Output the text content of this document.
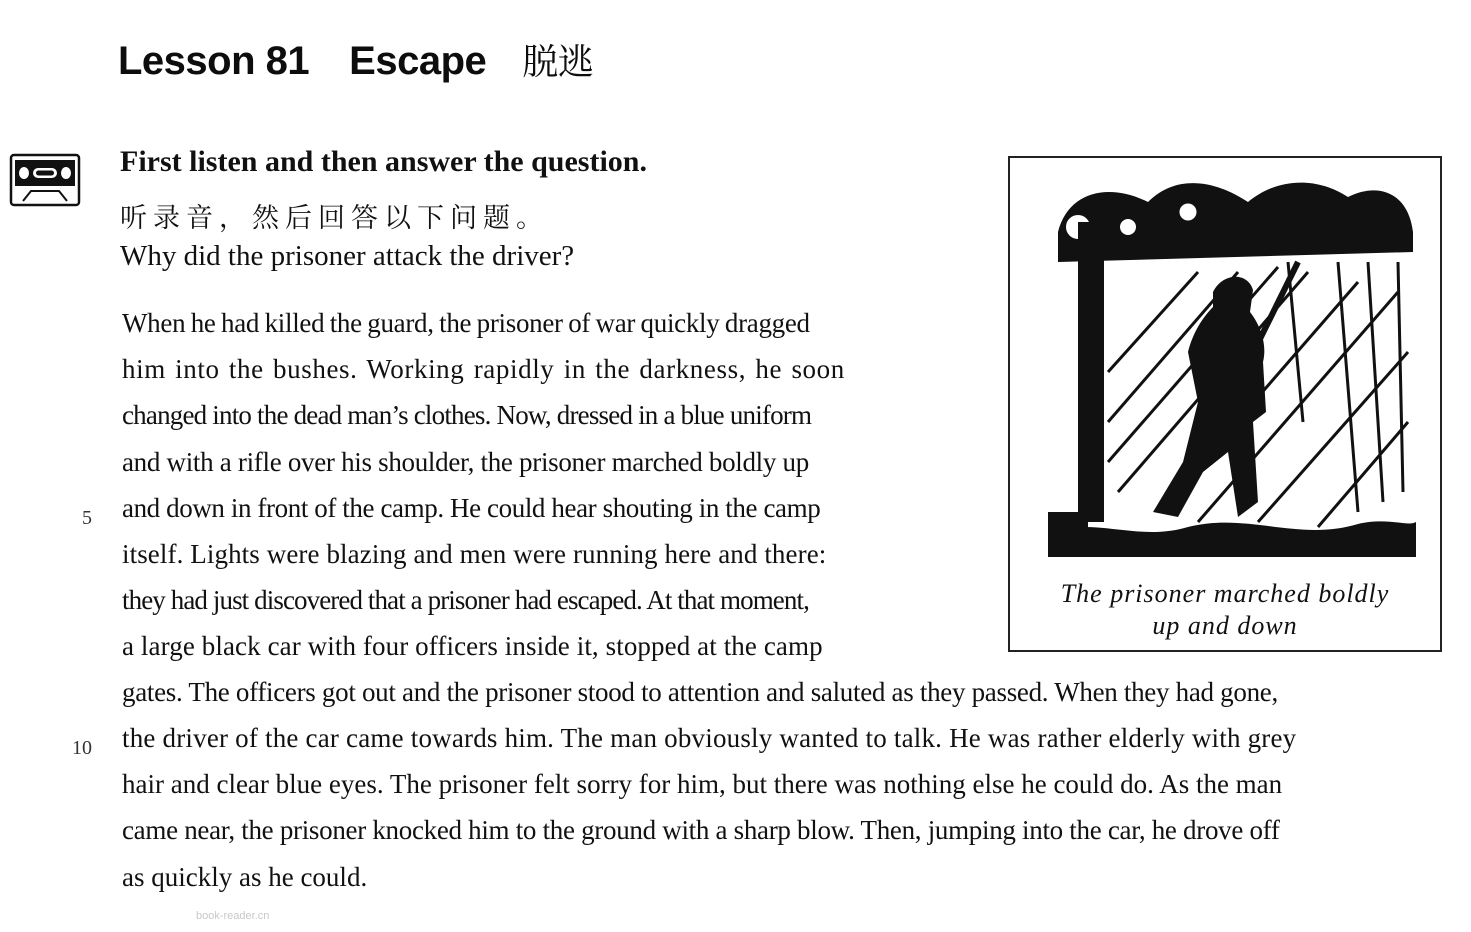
Lesson 81 Escape 脱逃
First listen and then answer the question.
听录音，然后回答以下问题。
Why did the prisoner attack the driver?
When he had killed the guard, the prisoner of war quickly dragged
him into the bushes. Working rapidly in the darkness, he soon
changed into the dead man’s clothes. Now, dressed in a blue uniform
and with a rifle over his shoulder, the prisoner marched boldly up
and down in front of the camp. He could hear shouting in the camp
itself. Lights were blazing and men were running here and there:
they had just discovered that a prisoner had escaped. At that moment,
a large black car with four officers inside it, stopped at the camp
gates. The officers got out and the prisoner stood to attention and saluted as they passed. When they had gone,
the driver of the car came towards him. The man obviously wanted to talk. He was rather elderly with grey
hair and clear blue eyes. The prisoner felt sorry for him, but there was nothing else he could do. As the man
came near, the prisoner knocked him to the ground with a sharp blow. Then, jumping into the car, he drove off
as quickly as he could.
5
10
The prisoner marched boldly
up and down
book-reader.cn
